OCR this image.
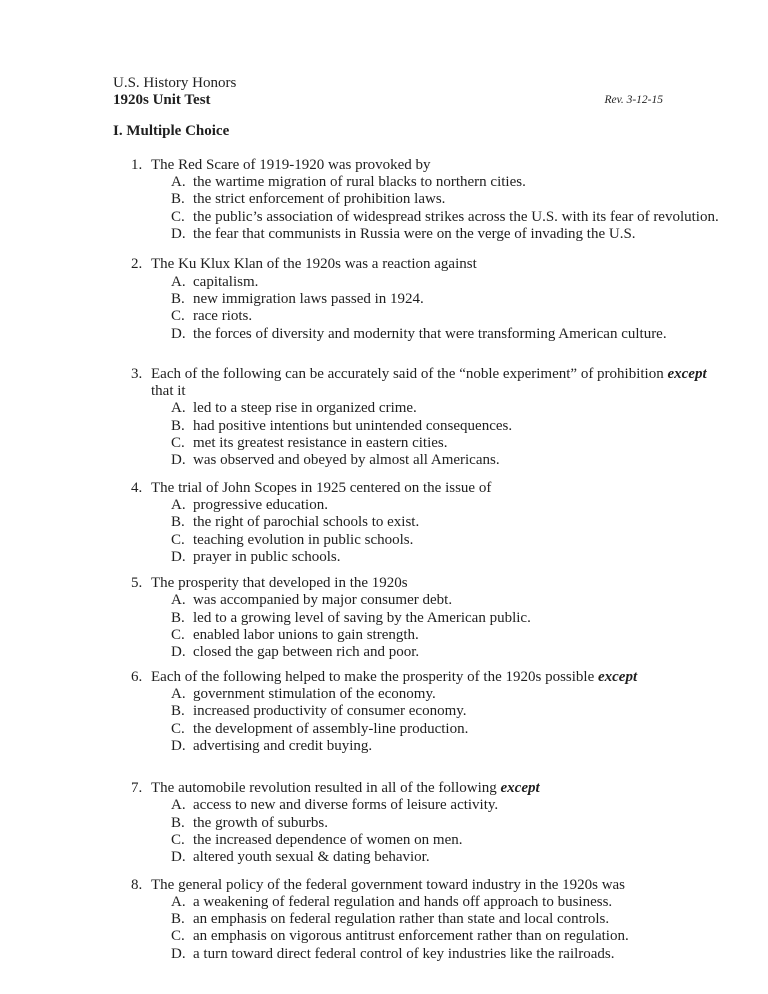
U.S. History Honors
1920s Unit Test
I. Multiple Choice
Rev. 3-12-15
1. The Red Scare of 1919-1920 was provoked by
A. the wartime migration of rural blacks to northern cities.
B. the strict enforcement of prohibition laws.
C. the public’s association of widespread strikes across the U.S. with its fear of revolution.
D. the fear that communists in Russia were on the verge of invading the U.S.
2. The Ku Klux Klan of the 1920s was a reaction against
A. capitalism.
B. new immigration laws passed in 1924.
C. race riots.
D. the forces of diversity and modernity that were transforming American culture.
3. Each of the following can be accurately said of the “noble experiment” of prohibition except that it
A. led to a steep rise in organized crime.
B. had positive intentions but unintended consequences.
C. met its greatest resistance in eastern cities.
D. was observed and obeyed by almost all Americans.
4. The trial of John Scopes in 1925 centered on the issue of
A. progressive education.
B. the right of parochial schools to exist.
C. teaching evolution in public schools.
D. prayer in public schools.
5. The prosperity that developed in the 1920s
A. was accompanied by major consumer debt.
B. led to a growing level of saving by the American public.
C. enabled labor unions to gain strength.
D. closed the gap between rich and poor.
6. Each of the following helped to make the prosperity of the 1920s possible except
A. government stimulation of the economy.
B. increased productivity of consumer economy.
C. the development of assembly-line production.
D. advertising and credit buying.
7. The automobile revolution resulted in all of the following except
A. access to new and diverse forms of leisure activity.
B. the growth of suburbs.
C. the increased dependence of women on men.
D. altered youth sexual & dating behavior.
8. The general policy of the federal government toward industry in the 1920s was
A. a weakening of federal regulation and hands off approach to business.
B. an emphasis on federal regulation rather than state and local controls.
C. an emphasis on vigorous antitrust enforcement rather than on regulation.
D. a turn toward direct federal control of key industries like the railroads.
